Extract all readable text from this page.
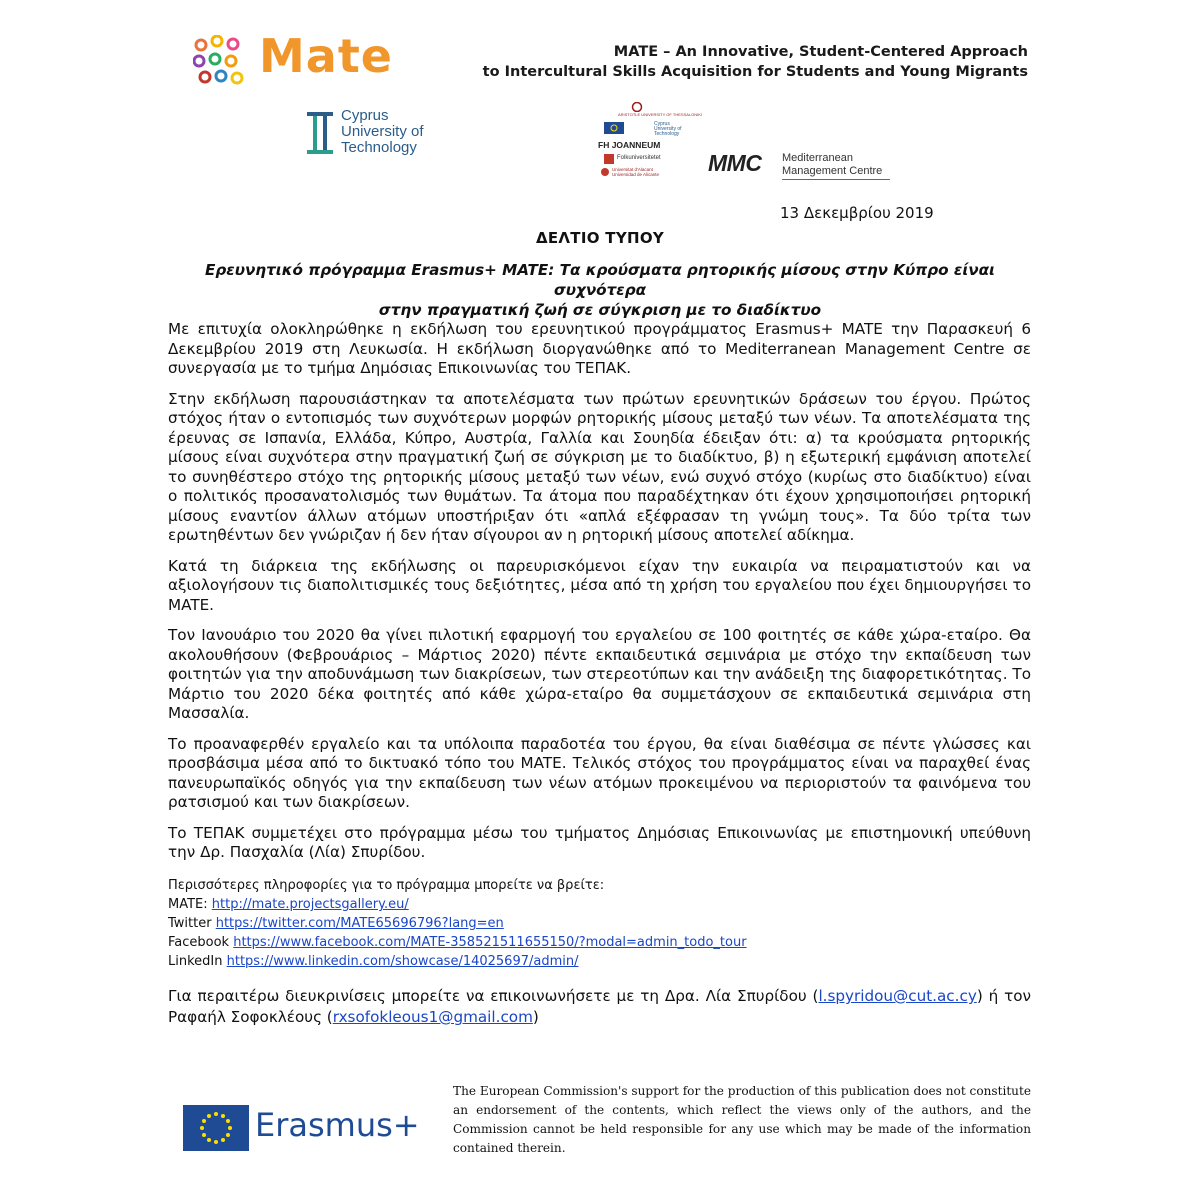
Mate	MATE – An Innovative, Student-Centered Approach
to Intercultural Skills Acquisition for Students and Young Migrants
Cyprus
University of
Technology
ARISTOTLE UNIVERSITY OF THESSALONIKI
Cyprus University of Technology
FH JOANNEUM
Folkuniversitetet
Universitat d'Alacant Universidad de Alicante MMC Mediterranean
Management Centre
13 Δεκεμβρίου 2019
ΔΕΛΤΙΟ ΤΥΠΟΥ
Ερευνητικό πρόγραμμα Erasmus+ MATE: Τα κρούσματα ρητορικής μίσους στην Κύπρο είναι συχνότερα
στην πραγματική ζωή σε σύγκριση με το διαδίκτυο

Με επιτυχία ολοκληρώθηκε η εκδήλωση του ερευνητικού προγράμματος Erasmus+ MATE την Παρασκευή 6 Δεκεμβρίου 2019 στη Λευκωσία. Η εκδήλωση διοργανώθηκε από το Mediterranean Management Centre σε συνεργασία με το τμήμα Δημόσιας Επικοινωνίας του ΤΕΠΑΚ.

Στην εκδήλωση παρουσιάστηκαν τα αποτελέσματα των πρώτων ερευνητικών δράσεων του έργου. Πρώτος στόχος ήταν ο εντοπισμός των συχνότερων μορφών ρητορικής μίσους μεταξύ των νέων. Τα αποτελέσματα της έρευνας σε Ισπανία, Ελλάδα, Κύπρο, Αυστρία, Γαλλία και Σουηδία έδειξαν ότι: α) τα κρούσματα ρητορικής μίσους είναι συχνότερα στην πραγματική ζωή σε σύγκριση με το διαδίκτυο, β) η εξωτερική εμφάνιση αποτελεί το συνηθέστερο στόχο της ρητορικής μίσους μεταξύ των νέων, ενώ συχνό στόχο (κυρίως στο διαδίκτυο) είναι ο πολιτικός προσανατολισμός των θυμάτων. Τα άτομα που παραδέχτηκαν ότι έχουν χρησιμοποιήσει ρητορική μίσους εναντίον άλλων ατόμων υποστήριξαν ότι «απλά εξέφρασαν τη γνώμη τους». Τα δύο τρίτα των ερωτηθέντων δεν γνώριζαν ή δεν ήταν σίγουροι αν η ρητορική μίσους αποτελεί αδίκημα.

Κατά τη διάρκεια της εκδήλωσης οι παρευρισκόμενοι είχαν την ευκαιρία να πειραματιστούν και να αξιολογήσουν τις διαπολιτισμικές τους δεξιότητες, μέσα από τη χρήση του εργαλείου που έχει δημιουργήσει το MATE.

Τον Ιανουάριο του 2020 θα γίνει πιλοτική εφαρμογή του εργαλείου σε 100 φοιτητές σε κάθε χώρα-εταίρο. Θα ακολουθήσουν (Φεβρουάριος – Μάρτιος 2020) πέντε εκπαιδευτικά σεμινάρια με στόχο την εκπαίδευση των φοιτητών για την αποδυνάμωση των διακρίσεων, των στερεοτύπων και την ανάδειξη της διαφορετικότητας. Το Μάρτιο του 2020 δέκα φοιτητές από κάθε χώρα-εταίρο θα συμμετάσχουν σε εκπαιδευτικά σεμινάρια στη Μασσαλία.

Το προαναφερθέν εργαλείο και τα υπόλοιπα παραδοτέα του έργου, θα είναι διαθέσιμα σε πέντε γλώσσες και προσβάσιμα μέσα από το δικτυακό τόπο του MATE. Τελικός στόχος του προγράμματος είναι να παραχθεί ένας πανευρωπαϊκός οδηγός για την εκπαίδευση των νέων ατόμων προκειμένου να περιοριστούν τα φαινόμενα του ρατσισμού και των διακρίσεων.

Το ΤΕΠΑΚ συμμετέχει στο πρόγραμμα μέσω του τμήματος Δημόσιας Επικοινωνίας με επιστημονική υπεύθυνη την Δρ. Πασχαλία (Λία) Σπυρίδου.

Περισσότερες πληροφορίες για το πρόγραμμα μπορείτε να βρείτε:
MATE: http://mate.projectsgallery.eu/
Twitter https://twitter.com/MATE65696796?lang=en
Facebook https://www.facebook.com/MATE-358521511655150/?modal=admin_todo_tour
LinkedIn https://www.linkedin.com/showcase/14025697/admin/
Για περαιτέρω διευκρινίσεις μπορείτε να επικοινωνήσετε με τη Δρα. Λία Σπυρίδου (l.spyridou@cut.ac.cy) ή τον Ραφαήλ Σοφοκλέους (rxsofokleous1@gmail.com)
Erasmus+
The European Commission's support for the production of this publication does not constitute an endorsement of the contents, which reflect the views only of the authors, and the Commission cannot be held responsible for any use which may be made of the information contained therein.
